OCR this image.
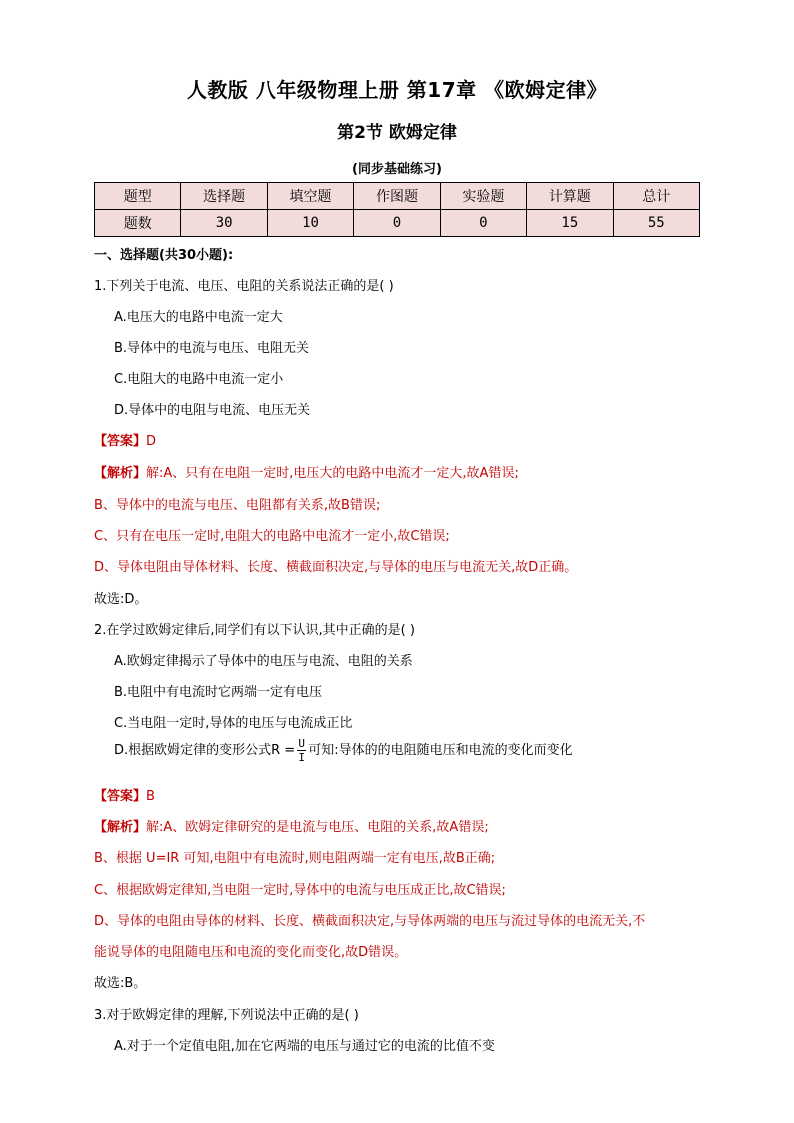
人教版 八年级物理上册 第17章 《欧姆定律》
第2节 欧姆定律
(同步基础练习)
题型	选择题	填空题	作图题	实验题	计算题	总计
题数	30	10	0	0	15	55
一、选择题(共30小题):
1.下列关于电流、电压、电阻的关系说法正确的是( )
A.电压大的电路中电流一定大
B.导体中的电流与电压、电阻无关
C.电阻大的电路中电流一定小
D.导体中的电阻与电流、电压无关
【答案】D
【解析】解:A、只有在电阻一定时,电压大的电路中电流才一定大,故A错误;
B、导体中的电流与电压、电阻都有关系,故B错误;
C、只有在电压一定时,电阻大的电路中电流才一定小,故C错误;
D、导体电阻由导体材料、长度、横截面积决定,与导体的电压与电流无关,故D正确。
故选:D。
2.在学过欧姆定律后,同学们有以下认识,其中正确的是( )
A.欧姆定律揭示了导体中的电压与电流、电阻的关系
B.电阻中有电流时它两端一定有电压
C.当电阻一定时,导体的电压与电流成正比
D.根据欧姆定律的变形公式$R = \frac{U}{I}$ 可知:导体的的电阻随电压和电流的变化而变化
【答案】B
【解析】解:A、欧姆定律研究的是电流与电压、电阻的关系,故A错误;
B、根据 U=IR 可知,电阻中有电流时,则电阻两端一定有电压,故B正确;
C、根据欧姆定律知,当电阻一定时,导体中的电流与电压成正比,故C错误;
D、导体的电阻由导体的材料、长度、横截面积决定,与导体两端的电压与流过导体的电流无关,不
能说导体的电阻随电压和电流的变化而变化,故D错误。
故选:B。
3.对于欧姆定律的理解,下列说法中正确的是( )
A.对于一个定值电阻,加在它两端的电压与通过它的电流的比值不变
